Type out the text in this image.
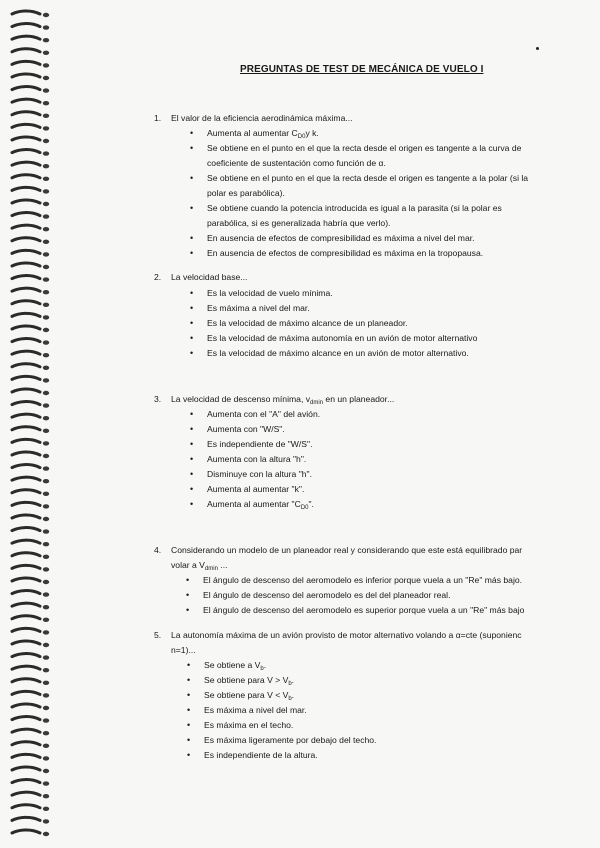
PREGUNTAS DE TEST DE MECÁNICA DE VUELO I
1. El valor de la eficiencia aerodinámica máxima...
• Aumenta al aumentar $C_{D0}y$ k.
• Se obtiene en el punto en el que la recta desde el origen es tangente a la curva de
coeficiente de sustentación como función de α.
• Se obtiene en el punto en el que la recta desde el origen es tangente a la polar (si la
polar es parabólica).
• Se obtiene cuando la potencia introducida es igual a la parasita (si la polar es
parabólica, si es generalizada habría que verlo).
• En ausencia de efectos de compresibilidad es máxima a nivel del mar.
• En ausencia de efectos de compresibilidad es máxima en la tropopausa.
2. La velocidad base...
• Es la velocidad de vuelo mínima.
• Es máxima a nivel del mar.
• Es la velocidad de máximo alcance de un planeador.
• Es la velocidad de máxima autonomía en un avión de motor alternativo
• Es la velocidad de máximo alcance en un avión de motor alternativo.
3. La velocidad de descenso mínima, $v_{dmin}$ en un planeador...
• Aumenta con el "A" del avión.
• Aumenta con "W/S".
• Es independiente de "W/S".
• Aumenta con la altura "h".
• Disminuye con la altura "h".
• Aumenta al aumentar "k".
• Aumenta al aumentar "$C_{D0}$".
4. Considerando un modelo de un planeador real y considerando que este está equilibrado par
volar a $V_{dmin}$ ...
• El ángulo de descenso del aeromodelo es inferior porque vuela a un "Re" más bajo.
• El ángulo de descenso del aeromodelo es del del planeador real.
• El ángulo de descenso del aeromodelo es superior porque vuela a un "Re" más bajo
5. La autonomía máxima de un avión provisto de motor alternativo volando a α=cte (suponienc
n=1)...
• Se obtiene a $V_b$.
• Se obtiene para $V > V_b$.
• Se obtiene para $V < V_b$.
• Es máxima a nivel del mar.
• Es máxima en el techo.
• Es máxima ligeramente por debajo del techo.
• Es independiente de la altura.
